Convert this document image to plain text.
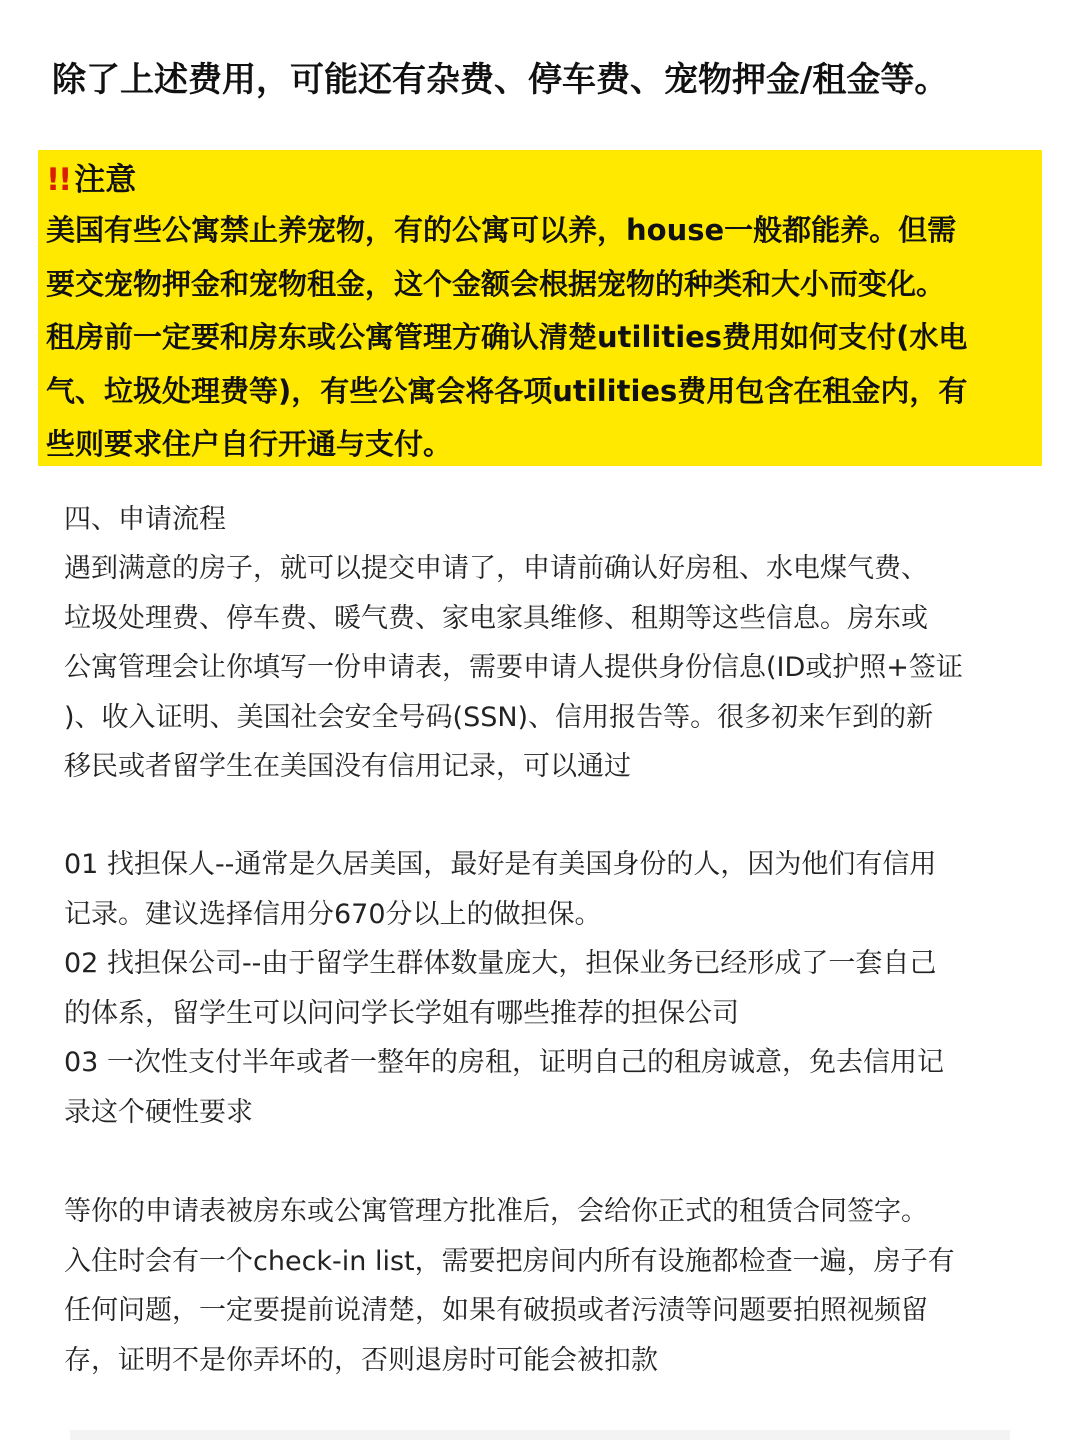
除了上述费用，可能还有杂费、停车费、宠物押金/租金等。
!! 注意
美国有些公寓禁止养宠物，有的公寓可以养，house一般都能养。但需
要交宠物押金和宠物租金，这个金额会根据宠物的种类和大小而变化。
租房前一定要和房东或公寓管理方确认清楚utilities费用如何支付(水电
气、垃圾处理费等)，有些公寓会将各项utilities费用包含在租金内，有
些则要求住户自行开通与支付。
四、申请流程
遇到满意的房子，就可以提交申请了，申请前确认好房租、水电煤气费、
垃圾处理费、停车费、暖气费、家电家具维修、租期等这些信息。房东或
公寓管理会让你填写一份申请表，需要申请人提供身份信息(ID或护照+签证
)、收入证明、美国社会安全号码(SSN)、信用报告等。很多初来乍到的新
移民或者留学生在美国没有信用记录，可以通过
01 找担保人--通常是久居美国，最好是有美国身份的人，因为他们有信用
记录。建议选择信用分670分以上的做担保。
02 找担保公司--由于留学生群体数量庞大，担保业务已经形成了一套自己
的体系，留学生可以问问学长学姐有哪些推荐的担保公司
03 一次性支付半年或者一整年的房租，证明自己的租房诚意，免去信用记
录这个硬性要求
等你的申请表被房东或公寓管理方批准后，会给你正式的租赁合同签字。
入住时会有一个check-in list，需要把房间内所有设施都检查一遍，房子有
任何问题，一定要提前说清楚，如果有破损或者污渍等问题要拍照视频留
存，证明不是你弄坏的，否则退房时可能会被扣款
